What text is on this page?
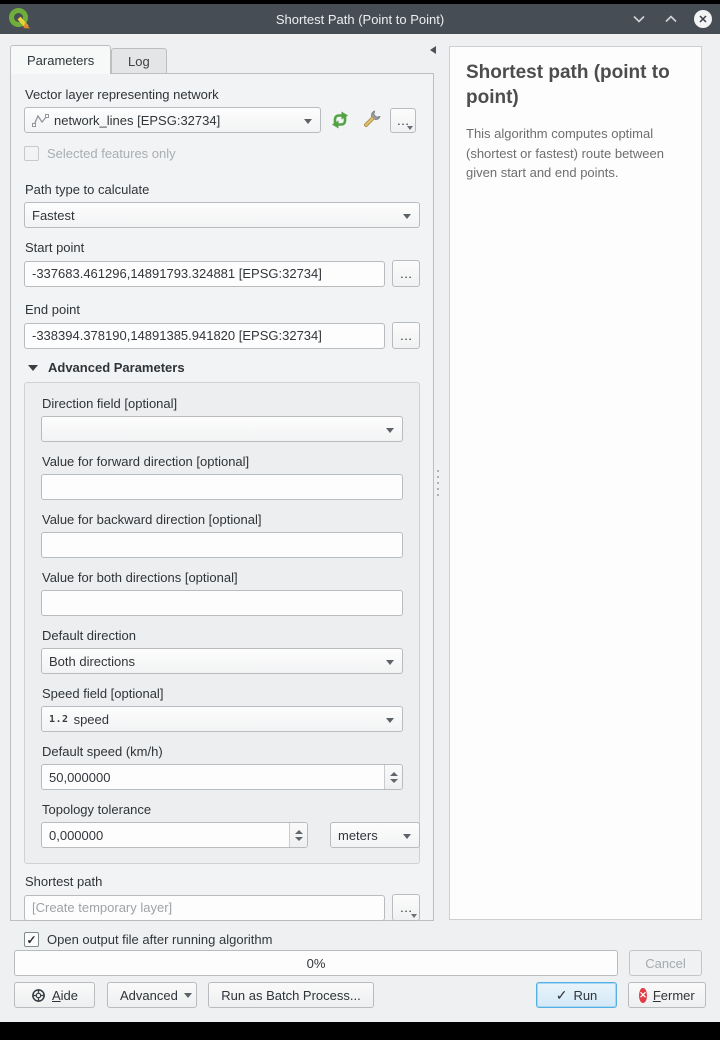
Shortest Path (Point to Point)	✕
Parameters	Log
Vector layer representing network
network_lines [EPSG:32734]	…
Selected features only
Path type to calculate
Fastest
Start point
-337683.461296,14891793.324881 [EPSG:32734]
…
End point
-338394.378190,14891385.941820 [EPSG:32734]
…
Advanced Parameters
Direction field [optional]
Value for forward direction [optional]
Value for backward direction [optional]
Value for both directions [optional]
Default direction
Both directions
Speed field [optional]
1.2 speed
Default speed (km/h)
50,000000
Topology tolerance
0,000000
meters
Shortest path
[Create temporary layer]
…
✓ Open output file after running algorithm
Shortest path (point to point)

This algorithm computes optimal (shortest or fastest) route between given start and end points.

0%	Cancel
Aide	Advanced	Run as Batch Process...	✓ Run	✕ Fermer
